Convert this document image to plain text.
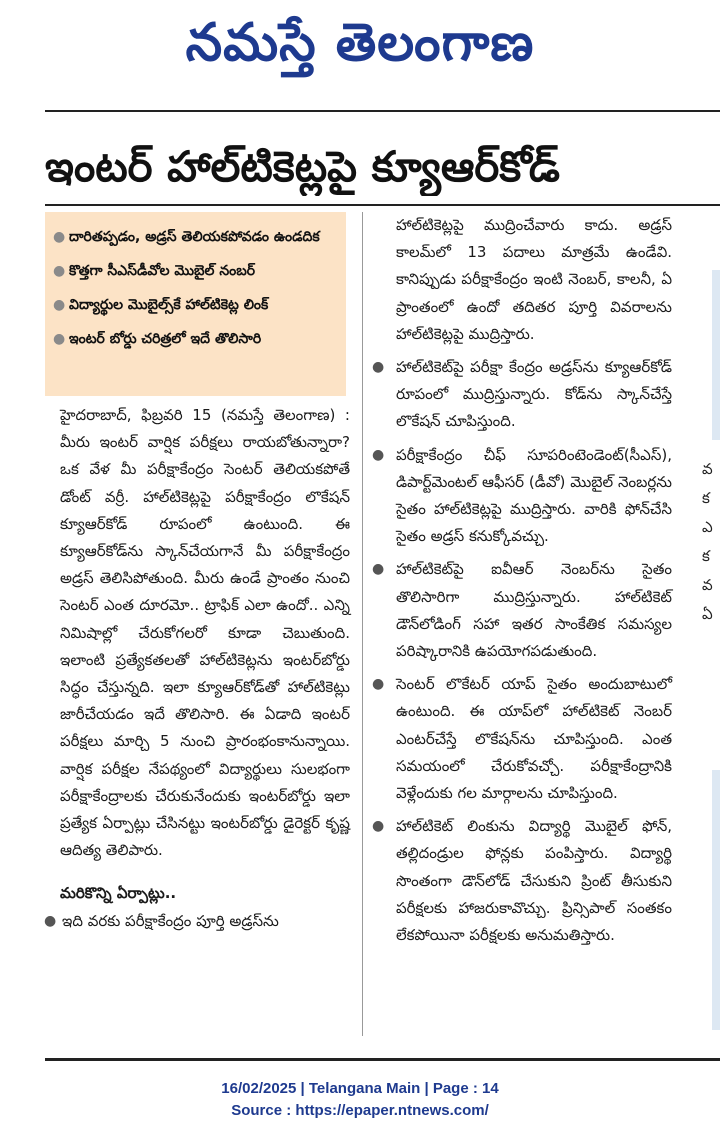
నమస్తే తెలంగాణ
ఇంటర్ హాల్‌టికెట్లపై క్యూఆర్‌కోడ్
● దారితప్పడం, అడ్రస్ తెలియకపోవడం ఉండదిక
● కొత్తగా సీఎస్‌డీవోల మొబైల్ నంబర్
● విద్యార్థుల మొబైల్స్‌కే హాల్‌టికెట్ల లింక్
● ఇంటర్ బోర్డు చరిత్రలో ఇదే తొలిసారి

హైదరాబాద్, ఫిబ్రవరి 15 (నమస్తే తెలంగాణ) : మీరు ఇంటర్ వార్షిక పరీక్షలు రాయబోతున్నారా? ఒక వేళ మీ పరీక్షాకేంద్రం సెంటర్ తెలియకపోతే డోంట్ వర్రీ. హాల్‌టికెట్లపై పరీక్షాకేంద్రం లొకేషన్ క్యూఆర్‌కోడ్ రూపంలో ఉంటుంది. ఈ క్యూఆర్‌కోడ్‌ను స్కాన్‌చేయగానే మీ పరీక్షాకేంద్రం అడ్రస్ తెలిసిపోతుంది. మీరు ఉండే ప్రాంతం నుంచి సెంటర్ ఎంత దూరమో.. ట్రాఫిక్ ఎలా ఉందో.. ఎన్ని నిమిషాల్లో చేరుకోగలరో కూడా చెబుతుంది. ఇలాంటి ప్రత్యేకతలతో హాల్‌టికెట్లను ఇంటర్‌బోర్డు సిద్ధం చేస్తున్నది. ఇలా క్యూఆర్‌కోడ్‌తో హాల్‌టికెట్లు జారీచేయడం ఇదే తొలిసారి. ఈ ఏడాది ఇంటర్ పరీక్షలు మార్చి 5 నుంచి ప్రారంభంకానున్నాయి. వార్షిక పరీక్షల నేపథ్యంలో విద్యార్థులు సులభంగా పరీక్షాకేంద్రాలకు చేరుకునేందుకు ఇంటర్‌బోర్డు ఇలా ప్రత్యేక ఏర్పాట్లు చేసినట్టు ఇంటర్‌బోర్డు డైరెక్టర్ కృష్ణ ఆదిత్య తెలిపారు.

మరికొన్ని ఏర్పాట్లు..

● ఇది వరకు పరీక్షాకేంద్రం పూర్తి అడ్రస్‌ను

హాల్‌టికెట్లపై ముద్రించేవారు కాదు. అడ్రస్ కాలమ్‌లో 13 పదాలు మాత్రమే ఉండేవి. కానిప్పుడు పరీక్షాకేంద్రం ఇంటి నెంబర్, కాలనీ, ఏ ప్రాంతంలో ఉందో తదితర పూర్తి వివరాలను హాల్‌టికెట్లపై ముద్రిస్తారు.

● హాల్‌టికెట్‌పై పరీక్షా కేంద్రం అడ్రస్‌ను క్యూఆర్‌కోడ్ రూపంలో ముద్రిస్తున్నారు. కోడ్‌ను స్కాన్‌చేస్తే లొకేషన్ చూపిస్తుంది.
● పరీక్షాకేంద్రం చీఫ్ సూపరింటెండెంట్(సీఎస్), డిపార్ట్‌మెంటల్ ఆఫీసర్ (డీవో) మొబైల్ నెంబర్లను సైతం హాల్‌టికెట్లపై ముద్రిస్తారు. వారికి ఫోన్‌చేసి సైతం అడ్రస్ కనుక్కోవచ్చు.
● హాల్‌టికెట్‌పై ఐవీఆర్ నెంబర్‌ను సైతం తొలిసారిగా ముద్రిస్తున్నారు. హాల్‌టికెట్ డౌన్‌లోడింగ్ సహా ఇతర సాంకేతిక సమస్యల పరిష్కారానికి ఉపయోగపడుతుంది.
● సెంటర్ లొకేటర్ యాప్ సైతం అందుబాటులో ఉంటుంది. ఈ యాప్‌లో హాల్‌టికెట్ నెంబర్ ఎంటర్‌చేస్తే లొకేషన్‌ను చూపిస్తుంది. ఎంత సమయంలో చేరుకోవచ్చో. పరీక్షాకేంద్రానికి వెళ్లేందుకు గల మార్గాలను చూపిస్తుంది.
● హాల్‌టికెట్ లింకును విద్యార్థి మొబైల్ ఫోన్, తల్లిదండ్రుల ఫోన్లకు పంపిస్తారు. విద్యార్థి సొంతంగా డౌన్‌లోడ్ చేసుకుని ప్రింట్ తీసుకుని పరీక్షలకు హాజరుకావొచ్చు. ప్రిన్సిపాల్ సంతకం లేకపోయినా పరీక్షలకు అనుమతిస్తారు.
వ
క
ఎ
క
వ
ఏ
16/02/2025 | Telangana Main | Page : 14
Source : https://epaper.ntnews.com/
